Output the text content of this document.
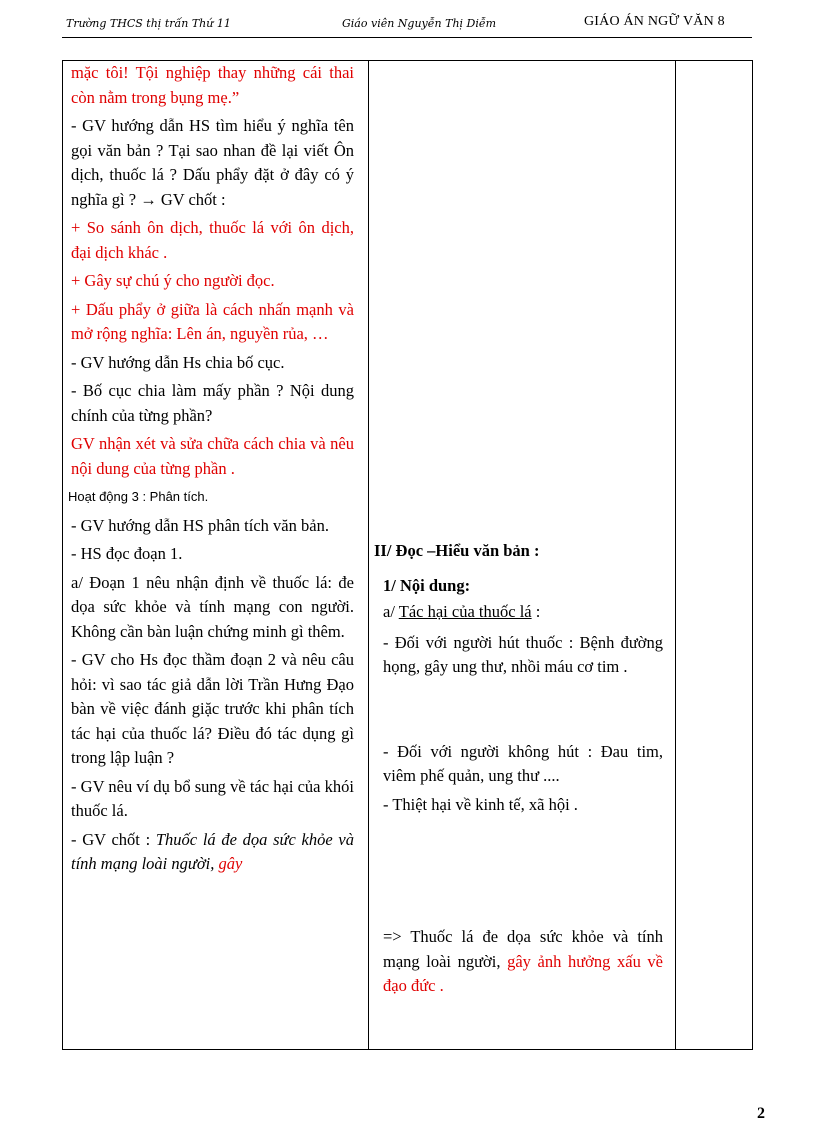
Trường THCS thị trấn Thứ 11	Giáo viên Nguyễn Thị Diễm	GIÁO ÁN NGỮ VĂN 8

mặc tôi! Tội nghiệp thay những cái thai còn nằm trong bụng mẹ.”

- GV hướng dẫn HS tìm hiểu ý nghĩa tên gọi văn bản ? Tại sao nhan đề lại viết Ôn dịch, thuốc lá ? Dấu phẩy đặt ở đây có ý nghĩa gì ? → GV chốt :

+ So sánh ôn dịch, thuốc lá với ôn dịch, đại dịch khác .

+ Gây sự chú ý cho người đọc.

+ Dấu phẩy ở giữa là cách nhấn mạnh và mở rộng nghĩa: Lên án, nguyền rủa, …

- GV hướng dẫn Hs chia bố cục.

- Bố cục chia làm mấy phần ? Nội dung chính của từng phần?

GV nhận xét và sửa chữa cách chia và nêu nội dung của từng phần .

Hoạt động 3 : Phân tích.

- GV hướng dẫn HS phân tích văn bản.

- HS đọc đoạn 1.

a/ Đoạn 1 nêu nhận định về thuốc lá: đe dọa sức khỏe và tính mạng con người. Không cần bàn luận chứng minh gì thêm.

- GV cho Hs đọc thầm đoạn 2 và nêu câu hỏi: vì sao tác giả dẫn lời Trần Hưng Đạo bàn về việc đánh giặc trước khi phân tích tác hại của thuốc lá? Điều đó tác dụng gì trong lập luận ?

- GV nêu ví dụ bổ sung về tác hại của khói thuốc lá.

- GV chốt : Thuốc lá đe dọa sức khỏe và tính mạng loài người, gây

II/ Đọc –Hiểu văn bản :

1/ Nội dung:

a/ Tác hại của thuốc lá :

- Đối với người hút thuốc : Bệnh đường họng, gây ung thư, nhồi máu cơ tim .

- Đối với người không hút : Đau tim, viêm phế quản, ung thư ....

- Thiệt hại về kinh tế, xã hội .

=> Thuốc lá đe dọa sức khỏe và tính mạng loài người, gây ảnh hưởng xấu về đạo đức .

2
